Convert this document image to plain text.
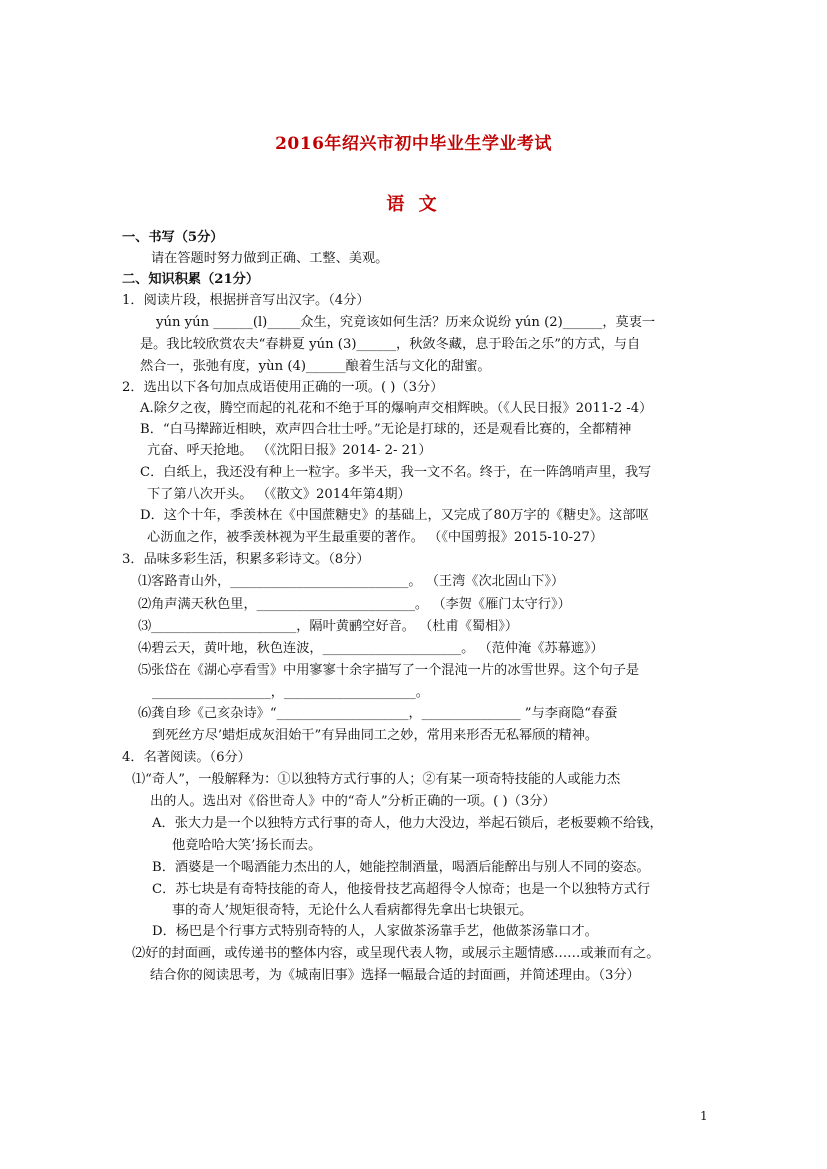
2016年绍兴市初中毕业生学业考试
语 文
一、书写（5分）
请在答题时努力做到正确、工整、美观。
二、知识积累（21分）
1．阅读片段，根据拼音写出汉字。（4分）
yún yún ______(l)_____众生，究竟该如何生活？历来众说纷 yún (2)______，莫衷一
是。我比较欣赏农夫“春耕夏 yún (3)______，秋敛冬藏，息于聆缶之乐”的方式，与自
然合一，张弛有度，yùn (4)______酿着生活与文化的甜蜜。
2．选出以下各句加点成语使用正确的一项。( )（3分）
A.除夕之夜，腾空而起的礼花和不绝于耳的爆响声交相辉映。（《人民日报》2011-2 -4）
B．“白马撵蹄近相映，欢声四合壮士呼。”无论是打球的，还是观看比赛的，全都精神
亢奋、呼天抢地。 （《沈阳日报》2014- 2- 21）
C．白纸上，我还没有种上一粒字。多半天，我一文不名。终于，在一阵鸽哨声里，我写
下了第八次开头。 （《散文》2014年第4期）
D．这个十年，季羡林在《中国蔗糖史》的基础上，又完成了80万字的《糖史》。这部呕
心沥血之作，被季羡林视为平生最重要的著作。 （《中国剪报》2015-10-27）
3．品味多彩生活，积累多彩诗文。（8分）
⑴客路青山外，___________________________。 （王湾《次北固山下》）
⑵角声满天秋色里，________________________。 （李贺《雁门太守行》）
⑶______________________，隔叶黄鹂空好音。 （杜甫《蜀相》）
⑷碧云天，黄叶地，秋色连波，_____________________。 （范仲淹《苏幕遮》）
⑸张岱在《湖心亭看雪》中用寥寥十余字描写了一个混沌一片的冰雪世界。这个句子是
__________________，____________________。
⑹龚自珍《己亥杂诗》“____________________，_______________ ”与李商隐“春蚕
到死丝方尽’蜡炬成灰泪始干”有异曲同工之妙，常用来形否无私幂颀的精神。
4．名著阅读。（6分）
⑴“奇人”，一般解释为：①以独特方式行事的人；②有某一项奇特技能的人或能力杰
出的人。选出对《俗世奇人》中的“奇人”分析正确的一项。( )（3分）
A．张大力是一个以独特方式行事的奇人，他力大没边，举起石锁后，老板要赖不给钱，
他竟哈哈大笑’扬长而去。
B．酒婆是一个喝酒能力杰出的人，她能控制酒量，喝酒后能醉出与别人不同的姿态。
C．苏七块是有奇特技能的奇人，他接骨技艺高超得令人惊奇；也是一个以独特方式行
事的奇人’规矩很奇特，无论什么人看病都得先拿出七块银元。
D．杨巴是个行事方式特别奇特的人，人家做茶汤靠手艺，他做茶汤靠口才。
⑵好的封面画，或传递书的整体内容，或呈现代表人物，或展示主题情感……或兼而有之。
结合你的阅读思考，为《城南旧事》选择一幅最合适的封面画，并简述理由。（3分）
1
